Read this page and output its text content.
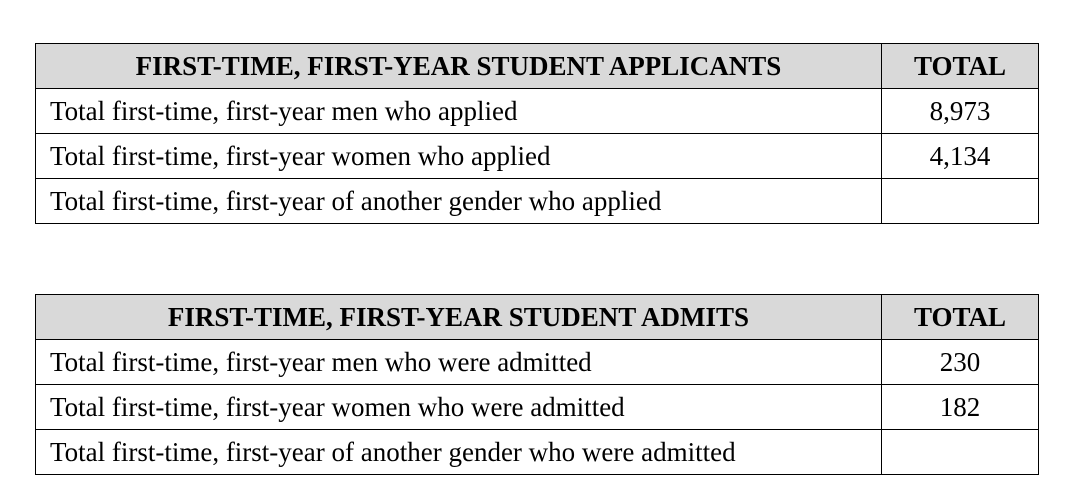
FIRST-TIME, FIRST-YEAR STUDENT APPLICANTS	TOTAL
Total first-time, first-year men who applied	8,973
Total first-time, first-year women who applied	4,134
Total first-time, first-year of another gender who applied	
FIRST-TIME, FIRST-YEAR STUDENT ADMITS	TOTAL
Total first-time, first-year men who were admitted	230
Total first-time, first-year women who were admitted	182
Total first-time, first-year of another gender who were admitted	
